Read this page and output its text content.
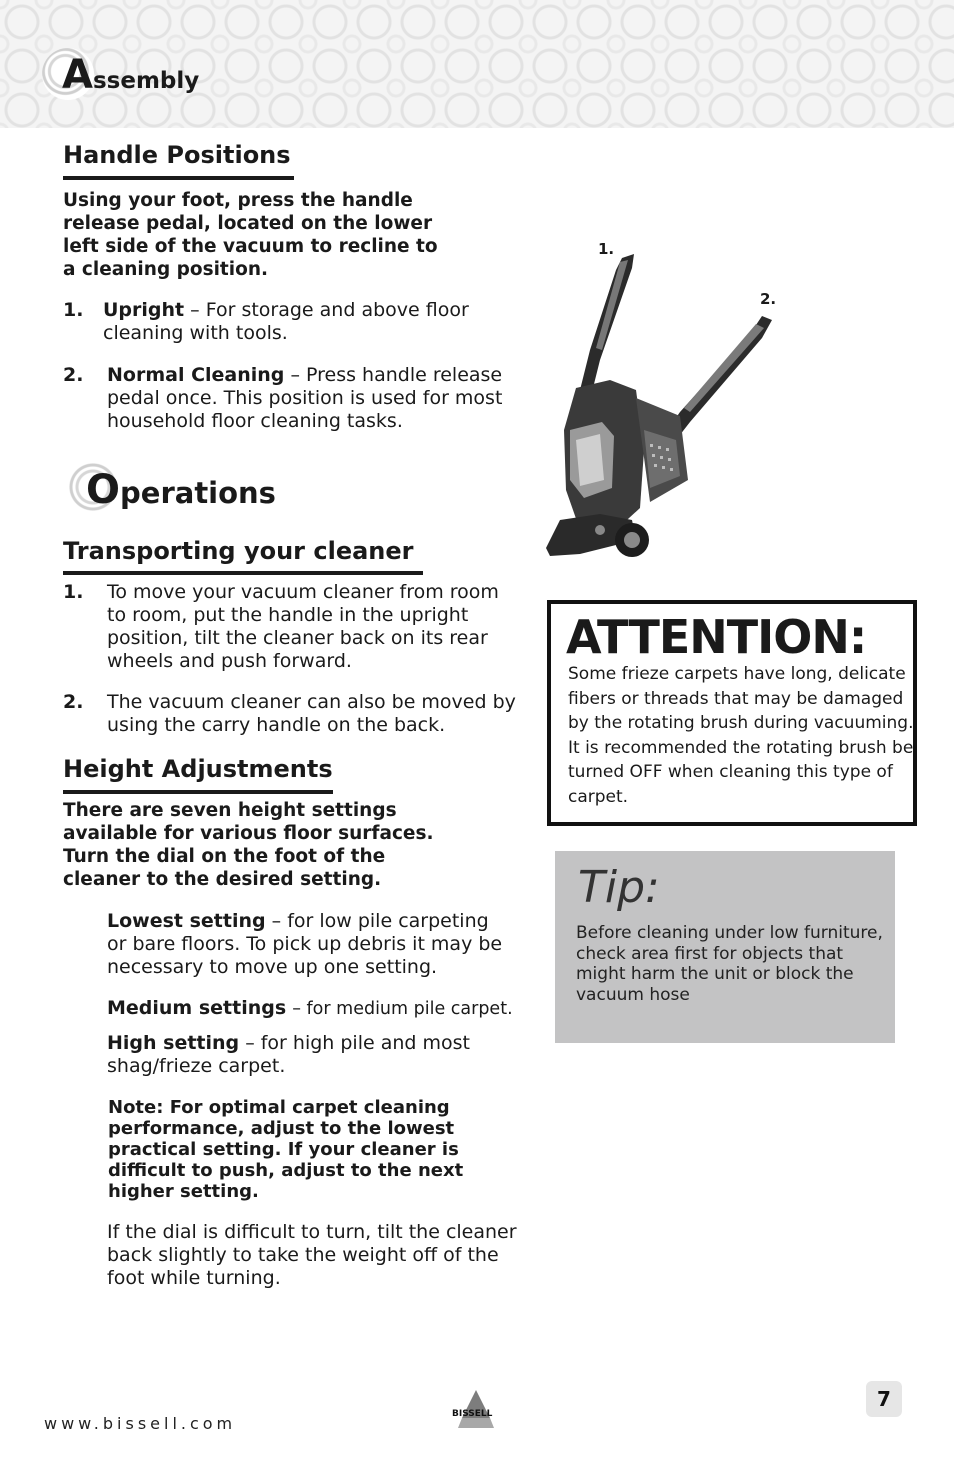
Assembly
Handle Positions
Using your foot, press the handle
release pedal, located on the lower
left side of the vacuum to recline to
a cleaning position.
1. Upright – For storage and above floor
cleaning with tools.
2. Normal Cleaning – Press handle release
pedal once. This position is used for most
household floor cleaning tasks.
Operations
Transporting your cleaner
1. To move your vacuum cleaner from room
to room, put the handle in the upright
position, tilt the cleaner back on its rear
wheels and push forward.
2. The vacuum cleaner can also be moved by
using the carry handle on the back.
Height Adjustments
There are seven height settings
available for various floor surfaces.
Turn the dial on the foot of the
cleaner to the desired setting.
Lowest setting – for low pile carpeting
or bare floors. To pick up debris it may be
necessary to move up one setting.
Medium settings – for medium pile carpet.
High setting – for high pile and most
shag/frieze carpet.
Note: For optimal carpet cleaning
performance, adjust to the lowest
practical setting. If your cleaner is
difficult to push, adjust to the next
higher setting.
If the dial is difficult to turn, tilt the cleaner
back slightly to take the weight off of the
foot while turning.
1.
2.
ATTENTION:
Some frieze carpets have long, delicate
fibers or threads that may be damaged
by the rotating brush during vacuuming.
It is recommended the rotating brush be
turned OFF when cleaning this type of
carpet.
Tip:
Before cleaning under low furniture,
check area first for objects that
might harm the unit or block the
vacuum hose
www.bissell.com	BISSELL
7
